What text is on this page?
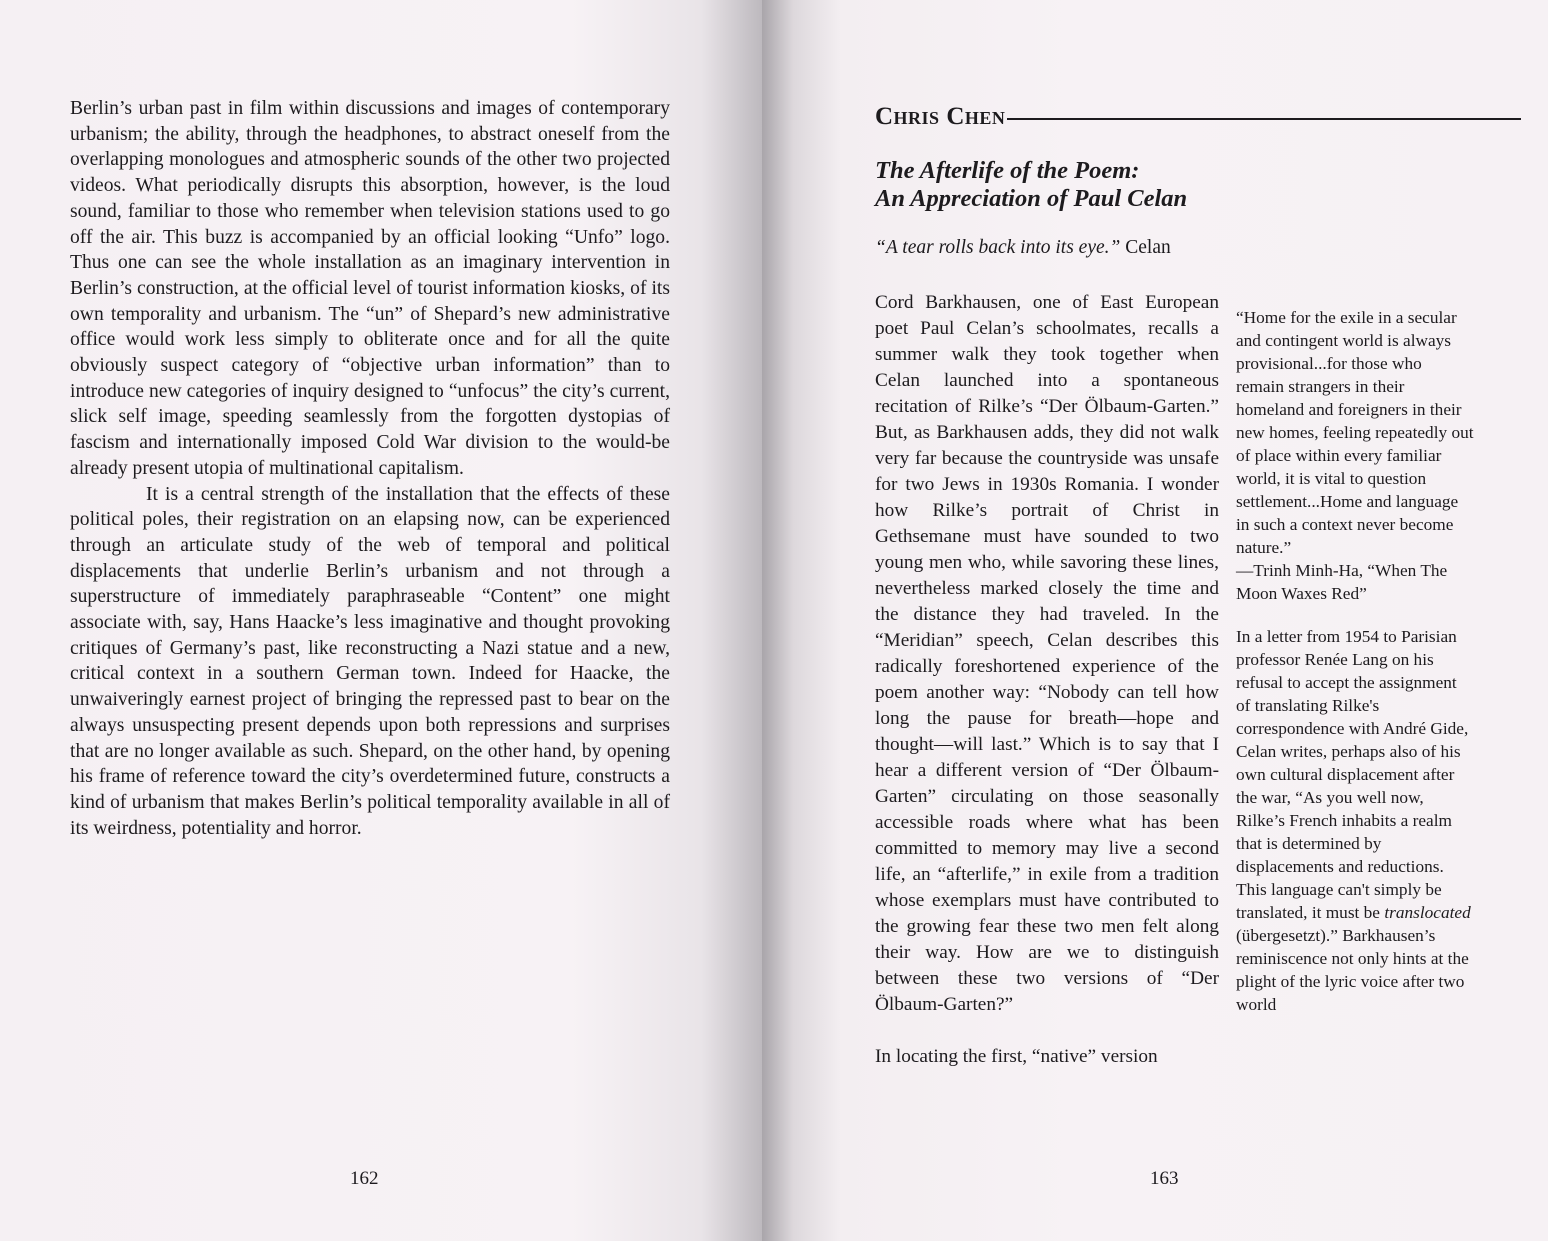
Berlin’s urban past in film within discussions and images of contemporary urbanism; the ability, through the headphones, to abstract oneself from the overlapping monologues and atmospheric sounds of the other two projected videos. What periodically disrupts this absorption, however, is the loud sound, familiar to those who remember when television stations used to go off the air. This buzz is accompanied by an official looking “Unfo” logo. Thus one can see the whole installation as an imaginary intervention in Berlin’s construction, at the official level of tourist information kiosks, of its own temporality and urbanism. The “un” of Shepard’s new administrative office would work less simply to obliterate once and for all the quite obviously suspect category of “objective urban information” than to introduce new categories of inquiry designed to “unfocus” the city’s current, slick self image, speeding seamlessly from the forgotten dystopias of fascism and internationally imposed Cold War division to the would-be already present utopia of multinational capitalism.

It is a central strength of the installation that the effects of these political poles, their registration on an elapsing now, can be experienced through an articulate study of the web of temporal and political displacements that underlie Berlin’s urbanism and not through a superstructure of immediately paraphraseable “Content” one might associate with, say, Hans Haacke’s less imaginative and thought provoking critiques of Germany’s past, like reconstructing a Nazi statue and a new, critical context in a southern German town. Indeed for Haacke, the unwaiveringly earnest project of bringing the repressed past to bear on the always unsuspecting present depends upon both repressions and surprises that are no longer available as such. Shepard, on the other hand, by opening his frame of reference toward the city’s overdetermined future, constructs a kind of urbanism that makes Berlin’s political temporality available in all of its weirdness, potentiality and horror.

162
Chris Chen
The Afterlife of the Poem:
An Appreciation of Paul Celan
“A tear rolls back into its eye.” Celan

Cord Barkhausen, one of East European poet Paul Celan’s schoolmates, recalls a summer walk they took together when Celan launched into a spontaneous recitation of Rilke’s “Der Ölbaum-Garten.” But, as Barkhausen adds, they did not walk very far because the countryside was unsafe for two Jews in 1930s Romania. I wonder how Rilke’s portrait of Christ in Gethsemane must have sounded to two young men who, while savoring these lines, nevertheless marked closely the time and the distance they had traveled. In the “Meridian” speech, Celan describes this radically foreshortened experience of the poem another way: “Nobody can tell how long the pause for breath—hope and thought—will last.” Which is to say that I hear a different version of “Der Ölbaum-Garten” circulating on those seasonally accessible roads where what has been committed to memory may live a second life, an “afterlife,” in exile from a tradition whose exemplars must have contributed to the growing fear these two men felt along their way. How are we to distinguish between these two versions of “Der Ölbaum-Garten?”

In locating the first, “native” version

“Home for the exile in a secular and contingent world is always provisional...for those who remain strangers in their homeland and foreigners in their new homes, feeling repeatedly out of place within every familiar world, it is vital to question settlement...Home and language in such a context never become nature.”

—Trinh Minh-Ha, “When The Moon Waxes Red”

In a letter from 1954 to Parisian professor Renée Lang on his refusal to accept the assignment of translating Rilke's correspondence with André Gide, Celan writes, perhaps also of his own cultural displacement after the war, “As you well now, Rilke’s French inhabits a realm that is determined by displacements and reductions. This language can't simply be translated, it must be translocated (übergesetzt).” Barkhausen’s reminiscence not only hints at the plight of the lyric voice after two world

163
